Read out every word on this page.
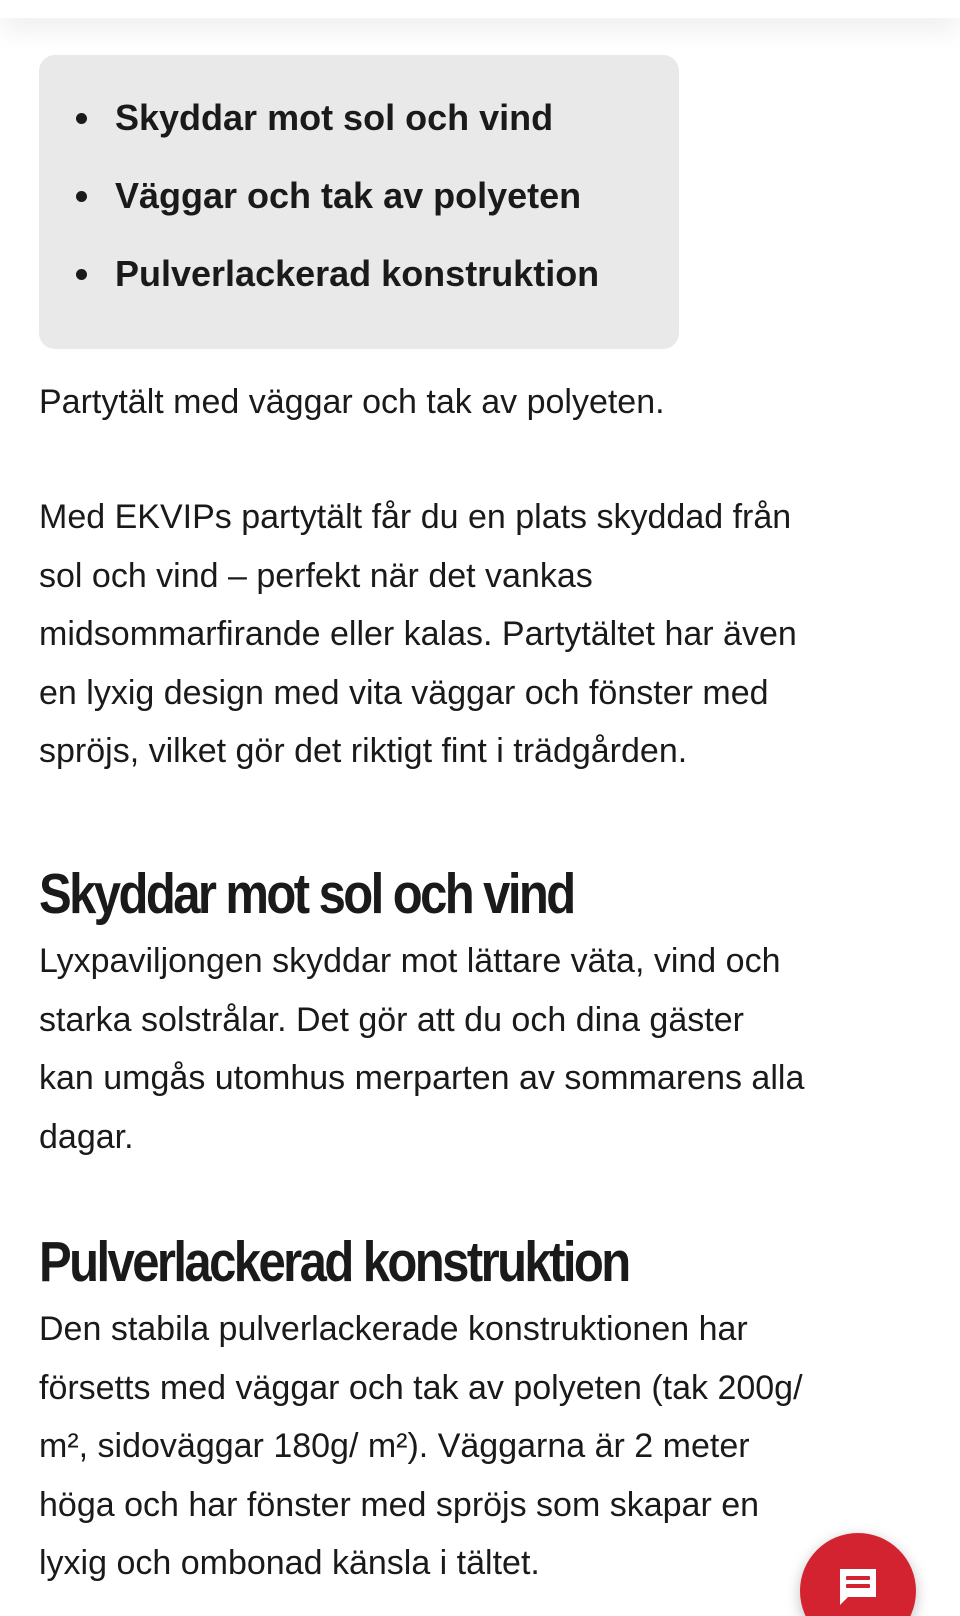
Skyddar mot sol och vind
Väggar och tak av polyeten
Pulverlackerad konstruktion

Partytält med väggar och tak av polyeten.

Med EKVIPs partytält får du en plats skyddad från
sol och vind – perfekt när det vankas
midsommarfirande eller kalas. Partytältet har även
en lyxig design med vita väggar och fönster med
spröjs, vilket gör det riktigt fint i trädgården.
Skyddar mot sol och vind
Lyxpaviljongen skyddar mot lättare väta, vind och
starka solstrålar. Det gör att du och dina gäster
kan umgås utomhus merparten av sommarens alla
dagar.
Pulverlackerad konstruktion
Den stabila pulverlackerade konstruktionen har
försetts med väggar och tak av polyeten (tak 200g/
m², sidoväggar 180g/ m²). Väggarna är 2 meter
höga och har fönster med spröjs som skapar en
lyxig och ombonad känsla i tältet.
